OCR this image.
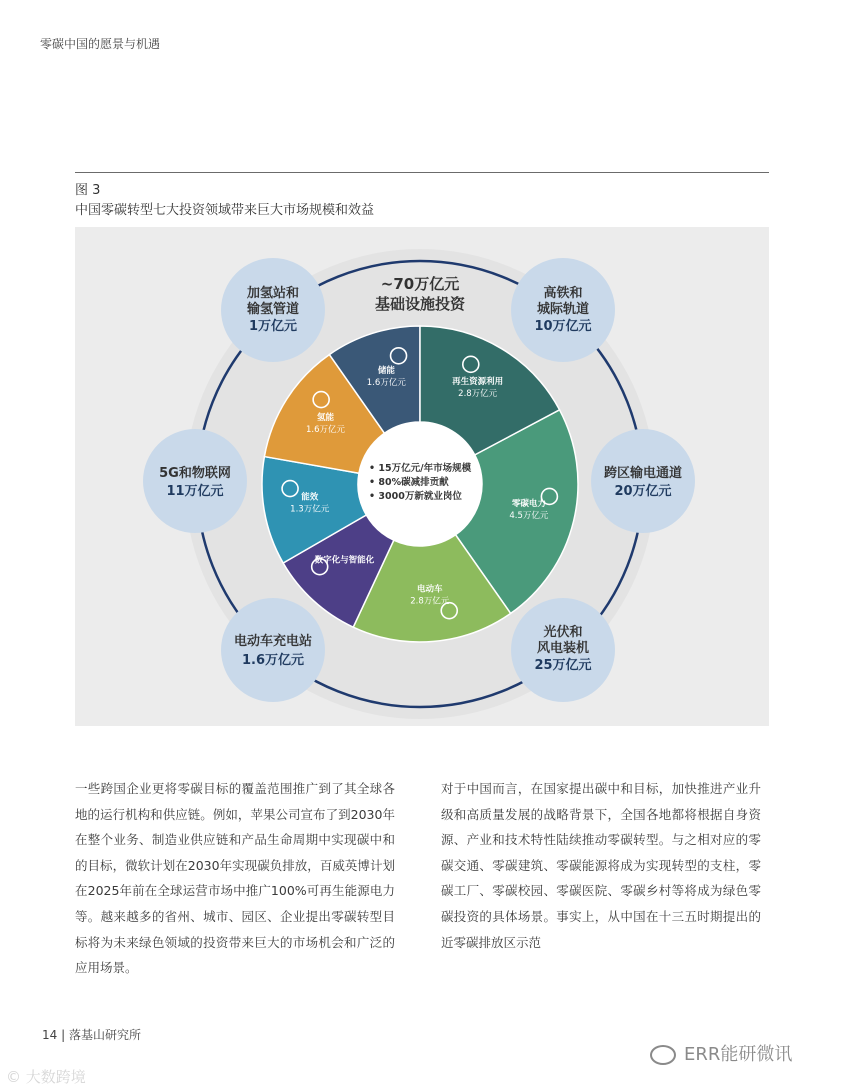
零碳中国的愿景与机遇
图 3
中国零碳转型七大投资领域带来巨大市场规模和效益
零碳电力
4.5万亿元
电动车
2.8万亿元
数字化与智能化
能效
1.3万亿元
氢能
1.6万亿元
储能
1.6万亿元	再生资源利用
2.8万亿元
~70万亿元
基础设施投资
• 15万亿元/年市场规模
• 80%碳减排贡献
• 3000万新就业岗位
加氢站和
输氢管道
1万亿元
高铁和
城际轨道
10万亿元
5G和物联网
11万亿元
跨区输电通道
20万亿元
电动车充电站
1.6万亿元
光伏和
风电装机
25万亿元
一些跨国企业更将零碳目标的覆盖范围推广到了其全球各地的运行机构和供应链。例如，苹果公司宣布了到2030年在整个业务、制造业供应链和产品生命周期中实现碳中和的目标，微软计划在2030年实现碳负排放，百威英博计划在2025年前在全球运营市场中推广100%可再生能源电力等。越来越多的省州、城市、园区、企业提出零碳转型目标将为未来绿色领域的投资带来巨大的市场机会和广泛的应用场景。
对于中国而言，在国家提出碳中和目标，加快推进产业升级和高质量发展的战略背景下，全国各地都将根据自身资源、产业和技术特性陆续推动零碳转型。与之相对应的零碳交通、零碳建筑、零碳能源将成为实现转型的支柱，零碳工厂、零碳校园、零碳医院、零碳乡村等将成为绿色零碳投资的具体场景。事实上，从中国在十三五时期提出的近零碳排放区示范
14 | 落基山研究所
© 大数跨境
ERR能研微讯
